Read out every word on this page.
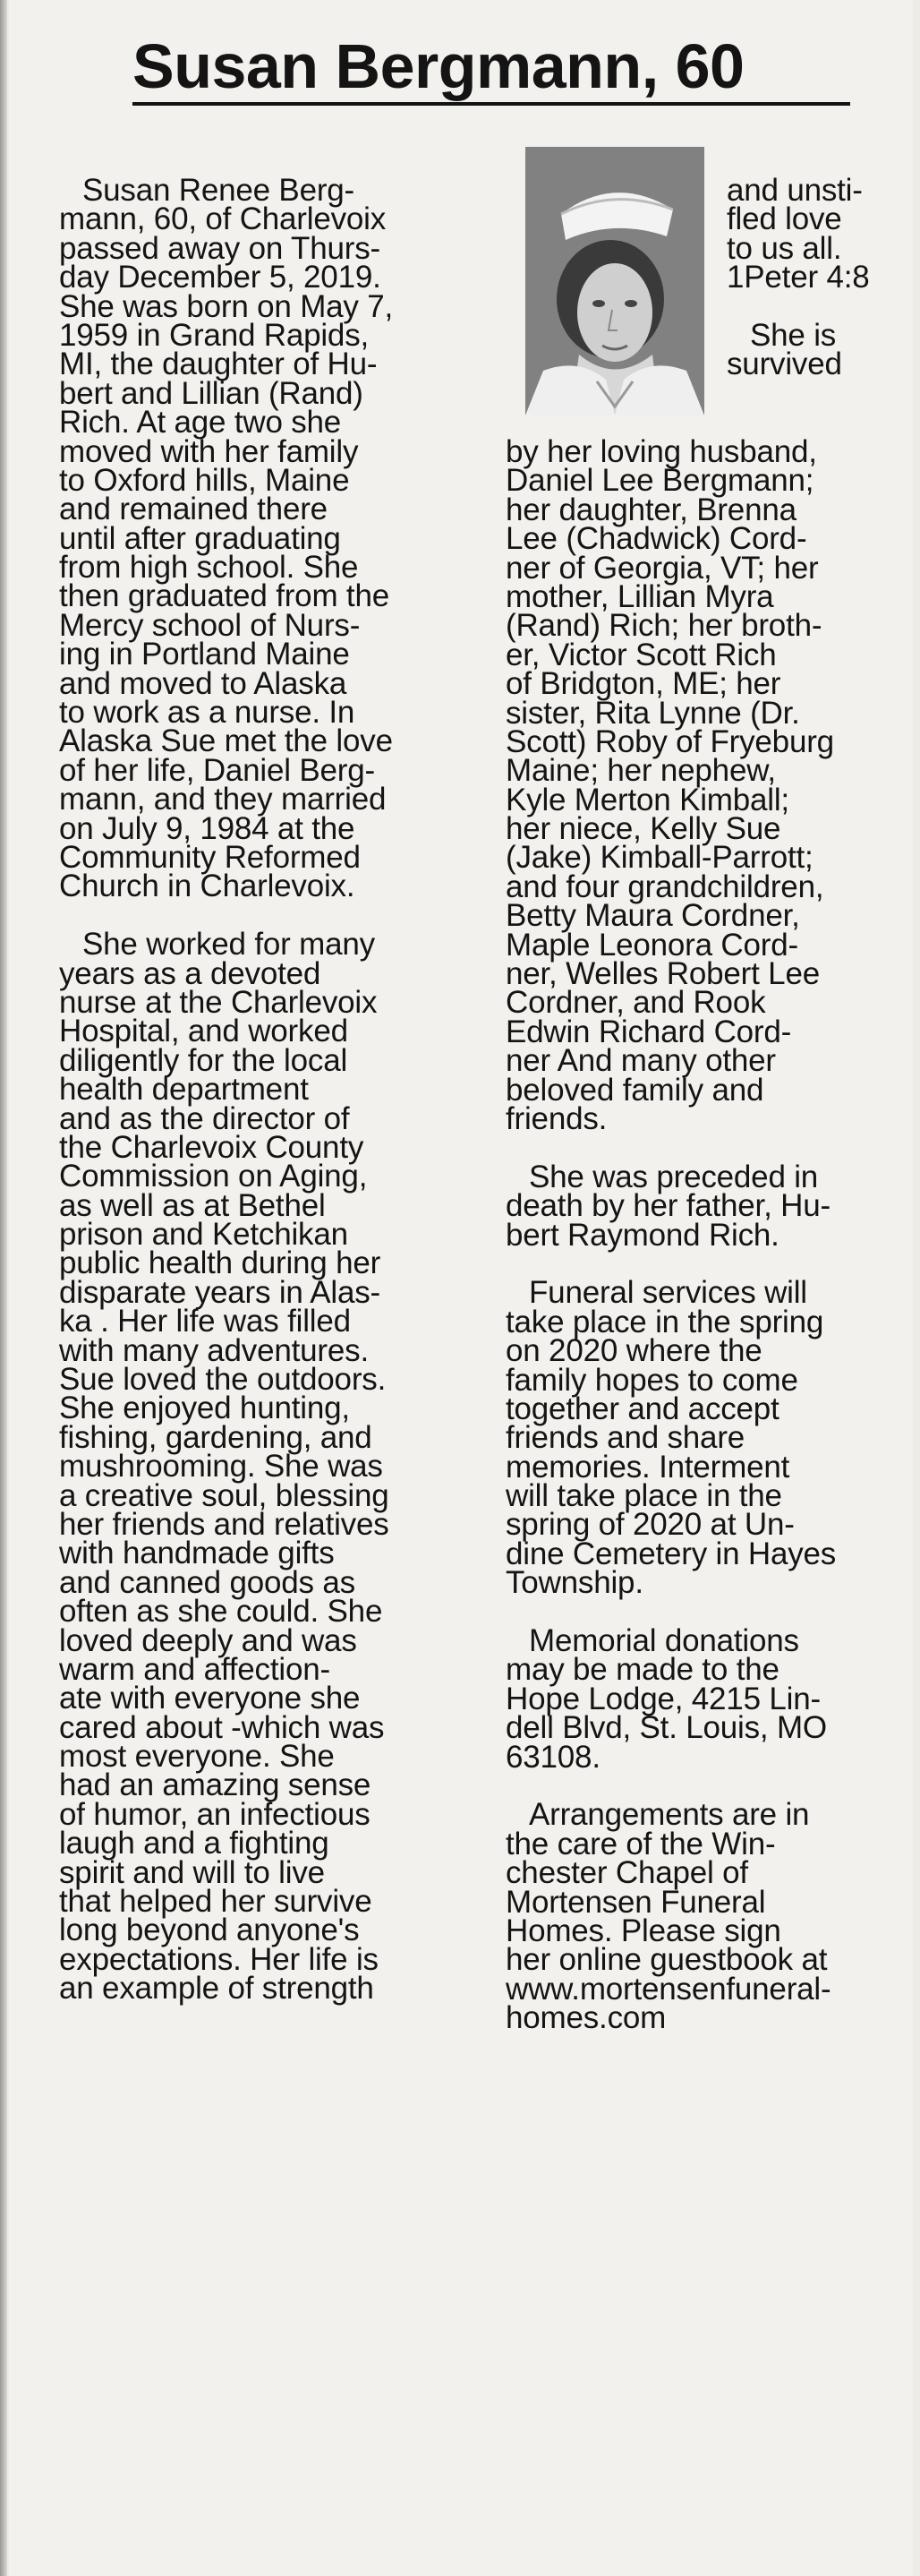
Susan Bergmann, 60
Susan Renee Berg-
mann, 60, of Charlevoix
passed away on Thurs-
day December 5, 2019.
She was born on May 7,
1959 in Grand Rapids,
MI, the daughter of Hu-
bert and Lillian (Rand)
Rich. At age two she
moved with her family
to Oxford hills, Maine
and remained there
until after graduating
from high school. She
then graduated from the
Mercy school of Nurs-
ing in Portland Maine
and moved to Alaska
to work as a nurse. In
Alaska Sue met the love
of her life, Daniel Berg-
mann, and they married
on July 9, 1984 at the
Community Reformed
Church in Charlevoix.
She worked for many
years as a devoted
nurse at the Charlevoix
Hospital, and worked
diligently for the local
health department
and as the director of
the Charlevoix County
Commission on Aging,
as well as at Bethel
prison and Ketchikan
public health during her
disparate years in Alas-
ka . Her life was filled
with many adventures.
Sue loved the outdoors.
She enjoyed hunting,
fishing, gardening, and
mushrooming. She was
a creative soul, blessing
her friends and relatives
with handmade gifts
and canned goods as
often as she could. She
loved deeply and was
warm and affection-
ate with everyone she
cared about -which was
most everyone. She
had an amazing sense
of humor, an infectious
laugh and a fighting
spirit and will to live
that helped her survive
long beyond anyone's
expectations. Her life is
an example of strength
and unsti-
fled love
to us all.
1Peter 4:8
She is
survived
by her loving husband,
Daniel Lee Bergmann;
her daughter, Brenna
Lee (Chadwick) Cord-
ner of Georgia, VT; her
mother, Lillian Myra
(Rand) Rich; her broth-
er, Victor Scott Rich
of Bridgton, ME; her
sister, Rita Lynne (Dr.
Scott) Roby of Fryeburg
Maine; her nephew,
Kyle Merton Kimball;
her niece, Kelly Sue
(Jake) Kimball-Parrott;
and four grandchildren,
Betty Maura Cordner,
Maple Leonora Cord-
ner, Welles Robert Lee
Cordner, and Rook
Edwin Richard Cord-
ner And many other
beloved family and
friends.
She was preceded in
death by her father, Hu-
bert Raymond Rich.
Funeral services will
take place in the spring
on 2020 where the
family hopes to come
together and accept
friends and share
memories. Interment
will take place in the
spring of 2020 at Un-
dine Cemetery in Hayes
Township.
Memorial donations
may be made to the
Hope Lodge, 4215 Lin-
dell Blvd, St. Louis, MO
63108.
Arrangements are in
the care of the Win-
chester Chapel of
Mortensen Funeral
Homes. Please sign
her online guestbook at
www.mortensenfuneral-
homes.com
